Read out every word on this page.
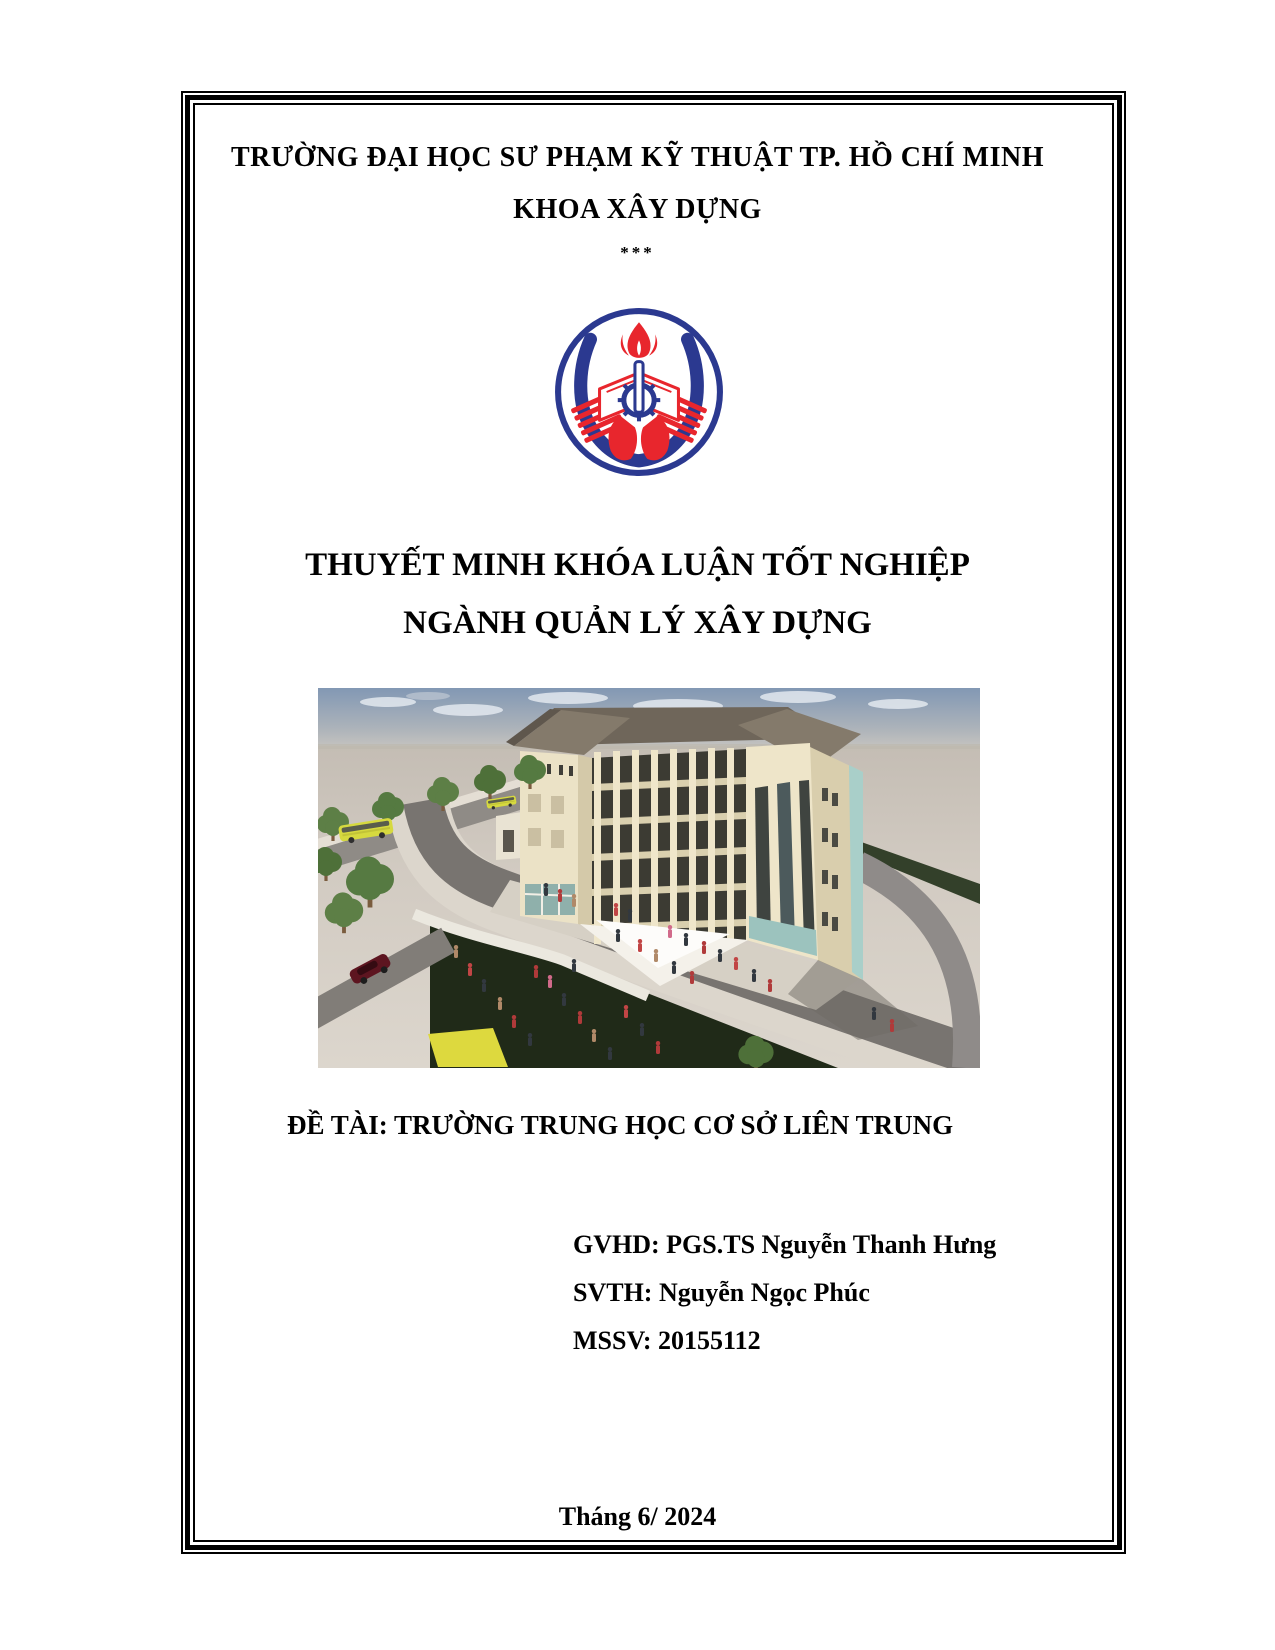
TRƯỜNG ĐẠI HỌC SƯ PHẠM KỸ THUẬT TP. HỒ CHÍ MINH
KHOA XÂY DỰNG
***
THUYẾT MINH KHÓA LUẬN TỐT NGHIỆP
NGÀNH QUẢN LÝ XÂY DỰNG
ĐỀ TÀI: TRƯỜNG TRUNG HỌC CƠ SỞ LIÊN TRUNG
GVHD: PGS.TS Nguyễn Thanh Hưng
SVTH: Nguyễn Ngọc Phúc
MSSV: 20155112
Tháng 6/ 2024
